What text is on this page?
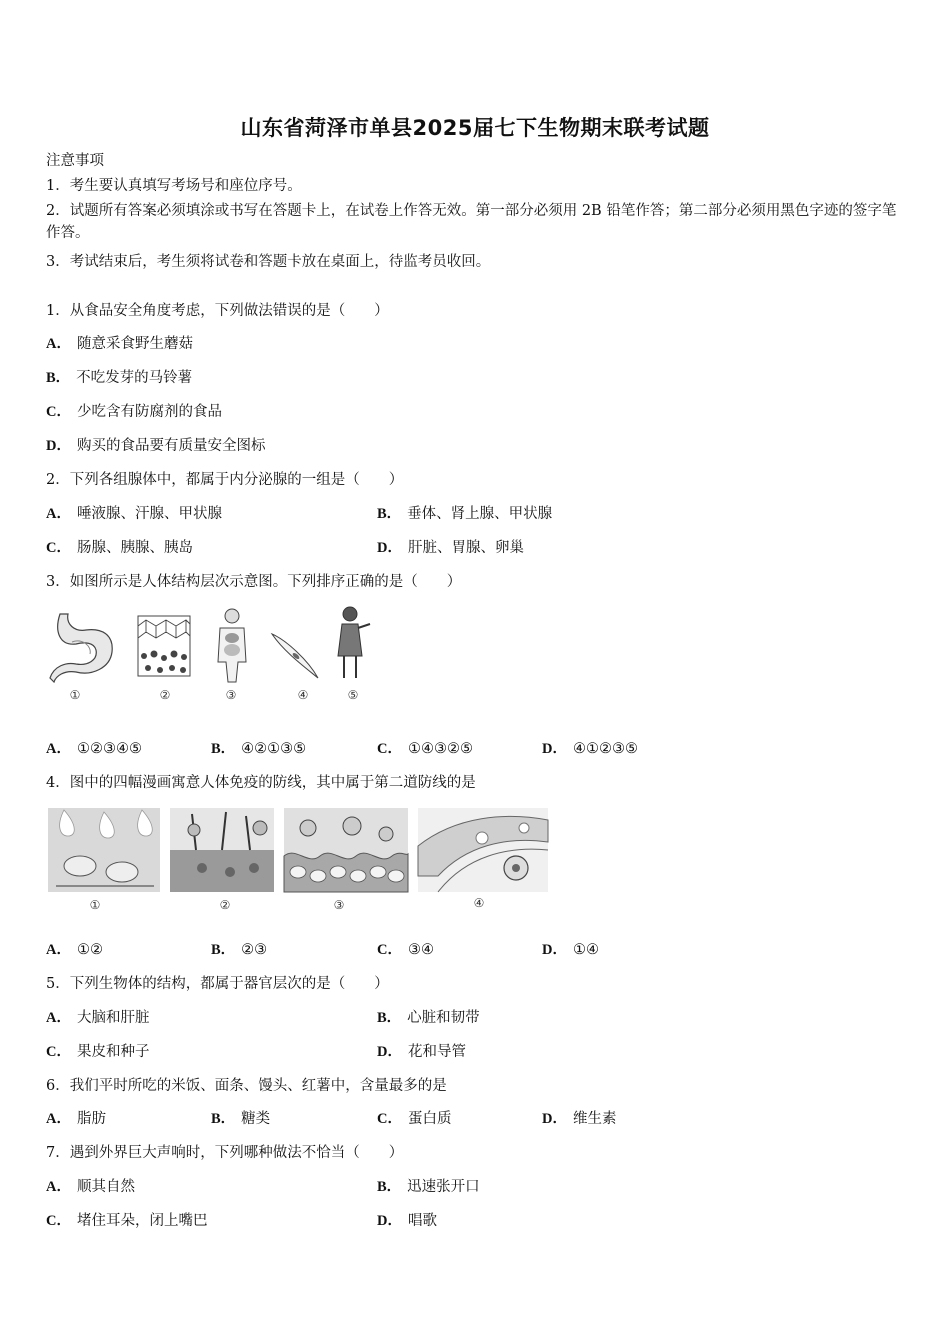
山东省菏泽市单县2025届七下生物期末联考试题
注意事项
1．考生要认真填写考场号和座位序号。
2．试题所有答案必须填涂或书写在答题卡上，在试卷上作答无效。第一部分必须用 2B 铅笔作答；第二部分必须用黑色字迹的签字笔作答。
3．考试结束后，考生须将试卷和答题卡放在桌面上，待监考员收回。
1．从食品安全角度考虑，下列做法错误的是（　　）
A． 随意采食野生蘑菇
B． 不吃发芽的马铃薯
C． 少吃含有防腐剂的食品
D． 购买的食品要有质量安全图标
2．下列各组腺体中，都属于内分泌腺的一组是（　　）
A． 唾液腺、汗腺、甲状腺	B． 垂体、肾上腺、甲状腺
C． 肠腺、胰腺、胰岛	D． 肝脏、胃腺、卵巢
3．如图所示是人体结构层次示意图。下列排序正确的是（　　）
①	②	③	④	⑤
A． ①②③④⑤	B． ④②①③⑤	C． ①④③②⑤	D． ④①②③⑤
4．图中的四幅漫画寓意人体免疫的防线，其中属于第二道防线的是
①	②	③	④
A． ①②	B． ②③	C． ③④	D． ①④
5．下列生物体的结构，都属于器官层次的是（　　）
A． 大脑和肝脏	B． 心脏和韧带
C． 果皮和种子	D． 花和导管
6．我们平时所吃的米饭、面条、馒头、红薯中，含量最多的是
A． 脂肪	B． 糖类	C． 蛋白质	D． 维生素
7．遇到外界巨大声响时，下列哪种做法不恰当（　　）
A． 顺其自然	B． 迅速张开口
C． 堵住耳朵，闭上嘴巴	D． 唱歌
